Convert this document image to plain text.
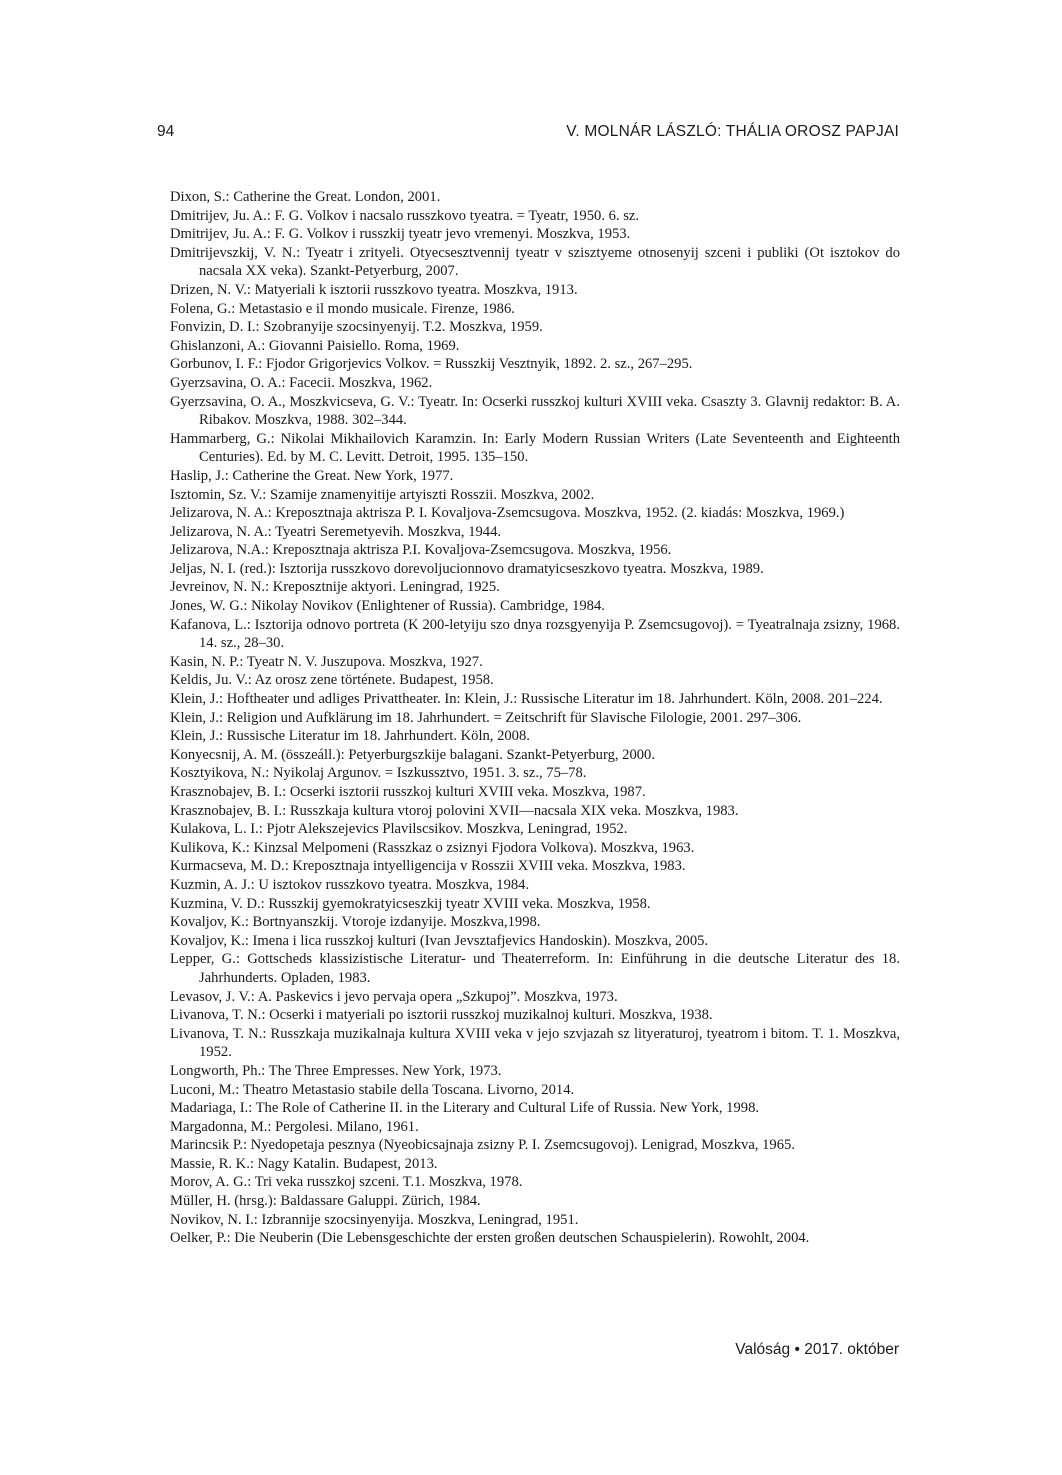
94	V. MOLNÁR LÁSZLÓ: THÁLIA OROSZ PAPJAI
Dixon, S.: Catherine the Great. London, 2001.
Dmitrijev, Ju. A.: F. G. Volkov i nacsalo russzkovo tyeatra. = Tyeatr, 1950. 6. sz.
Dmitrijev, Ju. A.: F. G. Volkov i russzkij tyeatr jevo vremenyi. Moszkva, 1953.
Dmitrijevszkij, V. N.: Tyeatr i zrityeli. Otyecsesztvennij tyeatr v szisztyeme otnosenyij szceni i publiki (Ot isztokov do nacsala XX veka). Szankt-Petyerburg, 2007.
Drizen, N. V.: Matyeriali k isztorii russzkovo tyeatra. Moszkva, 1913.
Folena, G.: Metastasio e il mondo musicale. Firenze, 1986.
Fonvizin, D. I.: Szobranyije szocsinyenyij. T.2. Moszkva, 1959.
Ghislanzoni, A.: Giovanni Paisiello. Roma, 1969.
Gorbunov, I. F.: Fjodor Grigorjevics Volkov. = Russzkij Vesztnyik, 1892. 2. sz., 267–295.
Gyerzsavina, O. A.: Facecii. Moszkva, 1962.
Gyerzsavina, O. A., Moszkvicseva, G. V.: Tyeatr. In: Ocserki russzkoj kulturi XVIII veka. Csaszty 3. Glavnij redaktor: B. A. Ribakov. Moszkva, 1988. 302–344.
Hammarberg, G.: Nikolai Mikhailovich Karamzin. In: Early Modern Russian Writers (Late Seventeenth and Eighteenth Centuries). Ed. by M. C. Levitt. Detroit, 1995. 135–150.
Haslip, J.: Catherine the Great. New York, 1977.
Isztomin, Sz. V.: Szamije znamenyitije artyiszti Rosszii. Moszkva, 2002.
Jelizarova, N. A.: Kreposztnaja aktrisza P. I. Kovaljova-Zsemcsugova. Moszkva, 1952. (2. kiadás: Moszkva, 1969.)
Jelizarova, N. A.: Tyeatri Seremetyevih. Moszkva, 1944.
Jelizarova, N.A.: Kreposztnaja aktrisza P.I. Kovaljova-Zsemcsugova. Moszkva, 1956.
Jeljas, N. I. (red.): Isztorija russzkovo dorevoljucionnovo dramatyicseszkovo tyeatra. Moszkva, 1989.
Jevreinov, N. N.: Kreposztnije aktyori. Leningrad, 1925.
Jones, W. G.: Nikolay Novikov (Enlightener of Russia). Cambridge, 1984.
Kafanova, L.: Isztorija odnovo portreta (K 200-letyiju szo dnya rozsgyenyija P. Zsemcsugovoj). = Tyeatralnaja zsizny, 1968. 14. sz., 28–30.
Kasin, N. P.: Tyeatr N. V. Juszupova. Moszkva, 1927.
Keldis, Ju. V.: Az orosz zene története. Budapest, 1958.
Klein, J.: Hoftheater und adliges Privattheater. In: Klein, J.: Russische Literatur im 18. Jahrhundert. Köln, 2008. 201–224.
Klein, J.: Religion und Aufklärung im 18. Jahrhundert. = Zeitschrift für Slavische Filologie, 2001. 297–306.
Klein, J.: Russische Literatur im 18. Jahrhundert. Köln, 2008.
Konyecsnij, A. M. (összeáll.): Petyerburgszkije balagani. Szankt-Petyerburg, 2000.
Kosztyikova, N.: Nyikolaj Argunov. = Iszkussztvo, 1951. 3. sz., 75–78.
Krasznobajev, B. I.: Ocserki isztorii russzkoj kulturi XVIII veka. Moszkva, 1987.
Krasznobajev, B. I.: Russzkaja kultura vtoroj polovini XVII—nacsala XIX veka. Moszkva, 1983.
Kulakova, L. I.: Pjotr Alekszejevics Plavilscsikov. Moszkva, Leningrad, 1952.
Kulikova, K.: Kinzsal Melpomeni (Rasszkaz o zsiznyi Fjodora Volkova). Moszkva, 1963.
Kurmacseva, M. D.: Kreposztnaja intyelligencija v Rosszii XVIII veka. Moszkva, 1983.
Kuzmin, A. J.: U isztokov russzkovo tyeatra. Moszkva, 1984.
Kuzmina, V. D.: Russzkij gyemokratyicseszkij tyeatr XVIII veka. Moszkva, 1958.
Kovaljov, K.: Bortnyanszkij. Vtoroje izdanyije. Moszkva,1998.
Kovaljov, K.: Imena i lica russzkoj kulturi (Ivan Jevsztafjevics Handoskin). Moszkva, 2005.
Lepper, G.: Gottscheds klassizistische Literatur- und Theaterreform. In: Einführung in die deutsche Literatur des 18. Jahrhunderts. Opladen, 1983.
Levasov, J. V.: A. Paskevics i jevo pervaja opera „Szkupoj”. Moszkva, 1973.
Livanova, T. N.: Ocserki i matyeriali po isztorii russzkoj muzikalnoj kulturi. Moszkva, 1938.
Livanova, T. N.: Russzkaja muzikalnaja kultura XVIII veka v jejo szvjazah sz lityeraturoj, tyeatrom i bitom. T. 1. Moszkva, 1952.
Longworth, Ph.: The Three Empresses. New York, 1973.
Luconi, M.: Theatro Metastasio stabile della Toscana. Livorno, 2014.
Madariaga, I.: The Role of Catherine II. in the Literary and Cultural Life of Russia. New York, 1998.
Margadonna, M.: Pergolesi. Milano, 1961.
Marincsik P.: Nyedopetaja pesznya (Nyeobicsajnaja zsizny P. I. Zsemcsugovoj). Lenigrad, Moszkva, 1965.
Massie, R. K.: Nagy Katalin. Budapest, 2013.
Morov, A. G.: Tri veka russzkoj szceni. T.1. Moszkva, 1978.
Müller, H. (hrsg.): Baldassare Galuppi. Zürich, 1984.
Novikov, N. I.: Izbrannije szocsinyenyija. Moszkva, Leningrad, 1951.
Oelker, P.: Die Neuberin (Die Lebensgeschichte der ersten großen deutschen Schauspielerin). Rowohlt, 2004.
Valóság • 2017. október
